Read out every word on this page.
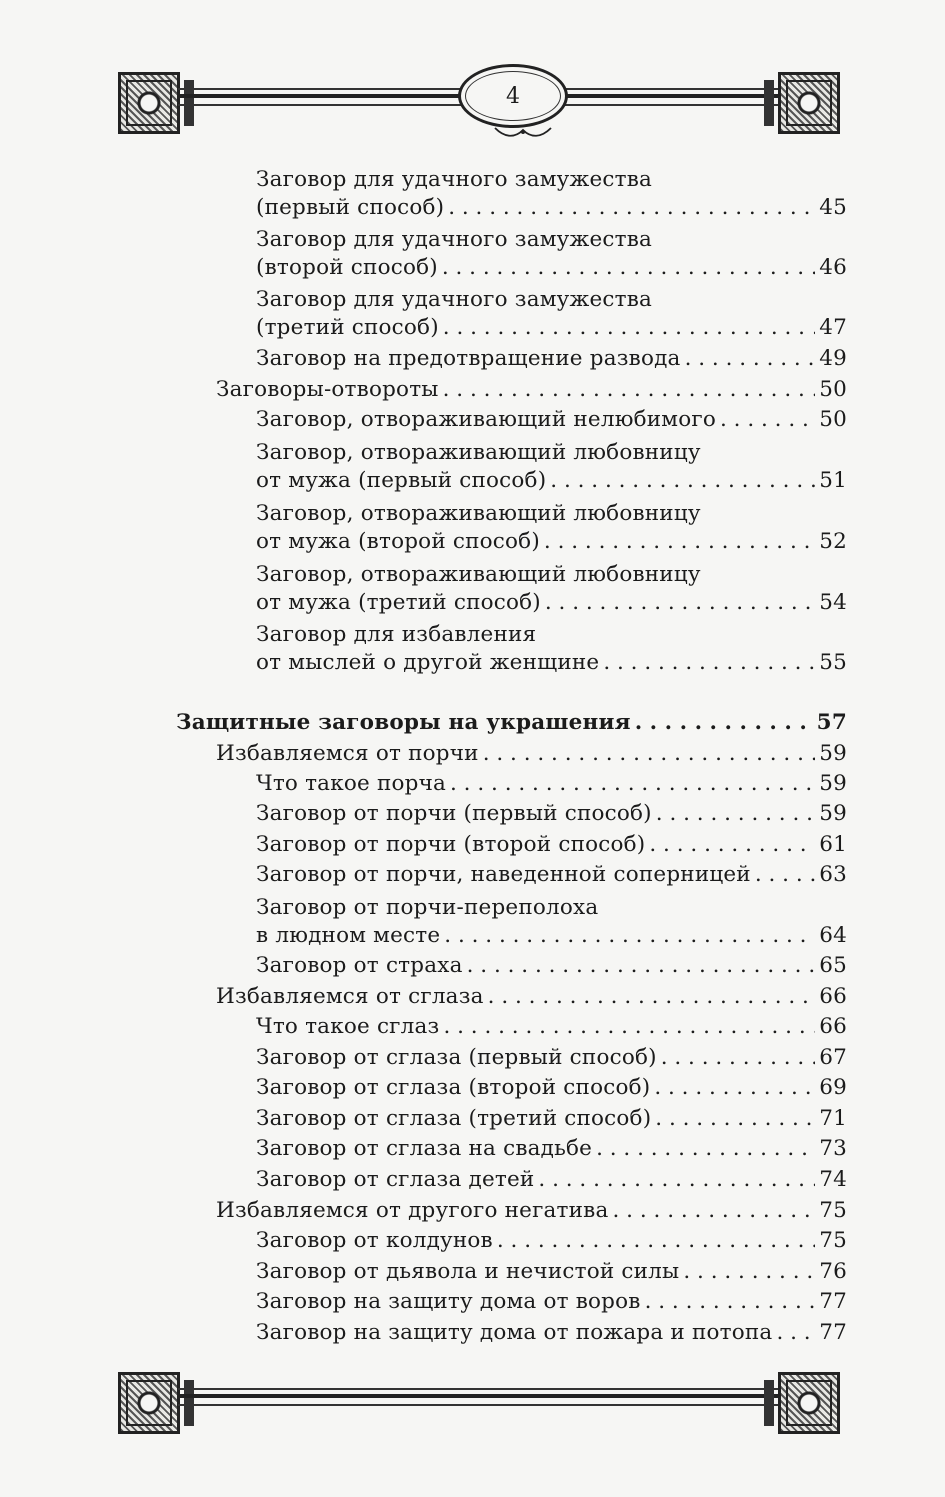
4
Заговор для удачного замужества
(первый способ) . . .	45
Заговор для удачного замужества
(второй способ) . . .	46
Заговор для удачного замужества
(третий способ) . . .	47
Заговор на предотвращение развода . . .	49
Заговоры-отвороты . . .	50
Заговор, отвораживающий нелюбимого . . .	50
Заговор, отвораживающий любовницу
от мужа (первый способ) . . .	51
Заговор, отвораживающий любовницу
от мужа (второй способ) . . .	52
Заговор, отвораживающий любовницу
от мужа (третий способ) . . .	54
Заговор для избавления
от мыслей о другой женщине . . .	55
Защитные заговоры на украшения . . .	57
Избавляемся от порчи . . .	59
Что такое порча . . .	59
Заговор от порчи (первый способ) . . .	59
Заговор от порчи (второй способ) . . .	61
Заговор от порчи, наведенной соперницей . . .	63
Заговор от порчи-переполоха
в людном месте . . .	64
Заговор от страха . . .	65
Избавляемся от сглаза . . .	66
Что такое сглаз . . .	66
Заговор от сглаза (первый способ) . . .	67
Заговор от сглаза (второй способ) . . .	69
Заговор от сглаза (третий способ) . . .	71
Заговор от сглаза на свадьбе . . .	73
Заговор от сглаза детей . . .	74
Избавляемся от другого негатива . . .	75
Заговор от колдунов . . .	75
Заговор от дьявола и нечистой силы . . .	76
Заговор на защиту дома от воров . . .	77
Заговор на защиту дома от пожара и потопа . . . 77
